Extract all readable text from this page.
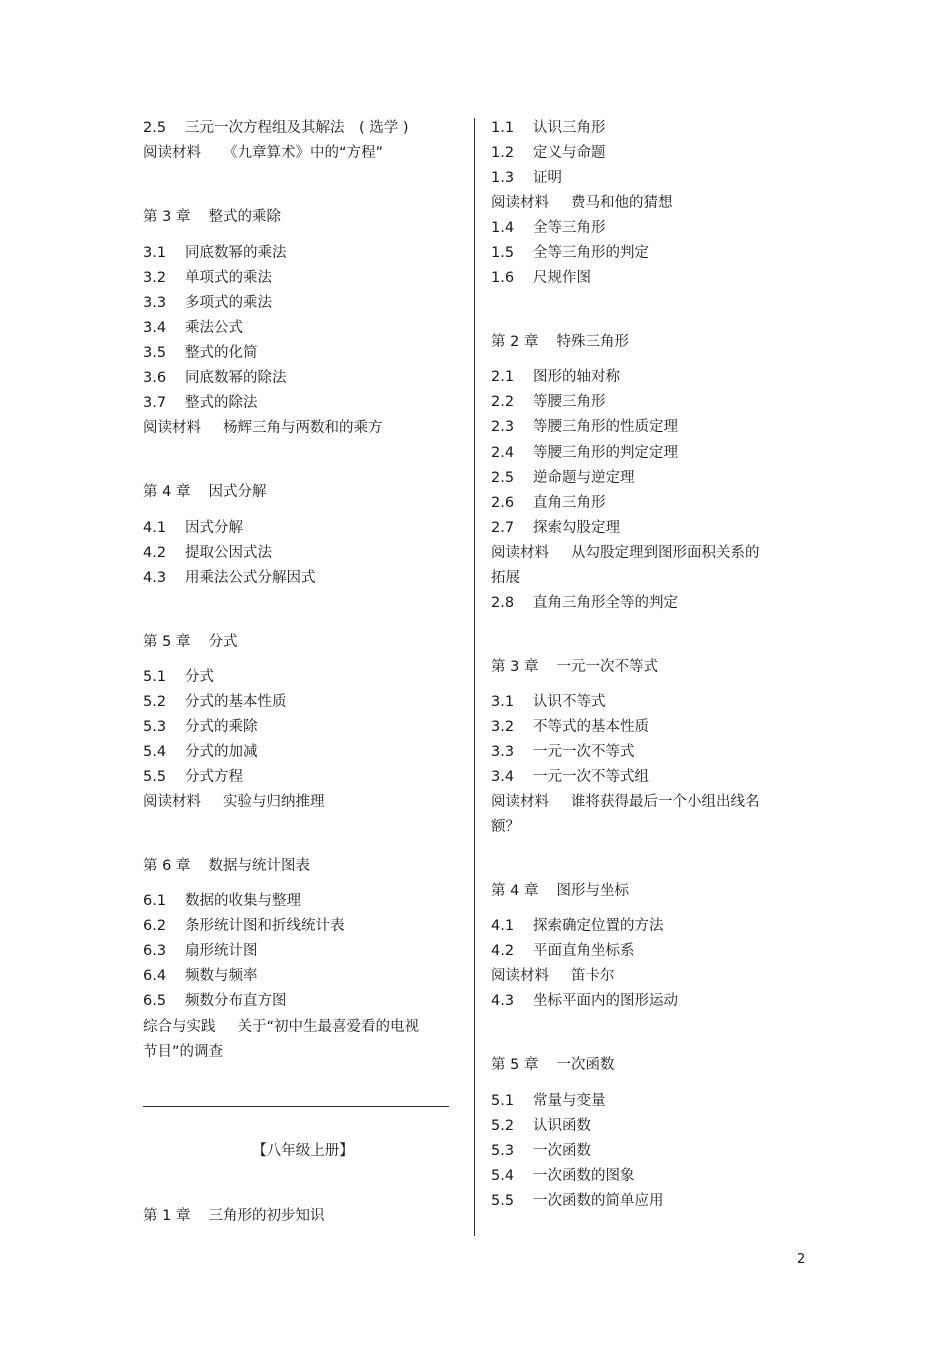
2.5 三元一次方程组及其解法　( 选学 )
阅读材料 《九章算术》中的“方程”
第 3 章 整式的乘除
3.1 同底数幂的乘法
3.2 单项式的乘法
3.3 多项式的乘法
3.4 乘法公式
3.5 整式的化简
3.6 同底数幂的除法
3.7 整式的除法
阅读材料 杨辉三角与两数和的乘方
第 4 章 因式分解
4.1 因式分解
4.2 提取公因式法
4.3 用乘法公式分解因式
第 5 章 分式
5.1 分式
5.2 分式的基本性质
5.3 分式的乘除
5.4 分式的加减
5.5 分式方程
阅读材料 实验与归纳推理
第 6 章 数据与统计图表
6.1 数据的收集与整理
6.2 条形统计图和折线统计表
6.3 扇形统计图
6.4 频数与频率
6.5 频数分布直方图
综合与实践 关于“初中生最喜爱看的电视
节目”的调查
【八年级上册】
第 1 章 三角形的初步知识
1.1 认识三角形
1.2 定义与命题
1.3 证明
阅读材料 费马和他的猜想
1.4 全等三角形
1.5 全等三角形的判定
1.6 尺规作图
第 2 章 特殊三角形
2.1 图形的轴对称
2.2 等腰三角形
2.3 等腰三角形的性质定理
2.4 等腰三角形的判定定理
2.5 逆命题与逆定理
2.6 直角三角形
2.7 探索勾股定理
阅读材料 从勾股定理到图形面积关系的
拓展
2.8 直角三角形全等的判定
第 3 章 一元一次不等式
3.1 认识不等式
3.2 不等式的基本性质
3.3 一元一次不等式
3.4 一元一次不等式组
阅读材料 谁将获得最后一个小组出线名
额？
第 4 章 图形与坐标
4.1 探索确定位置的方法
4.2 平面直角坐标系
阅读材料 笛卡尔
4.3 坐标平面内的图形运动
第 5 章 一次函数
5.1 常量与变量
5.2 认识函数
5.3 一次函数
5.4 一次函数的图象
5.5 一次函数的简单应用
2
